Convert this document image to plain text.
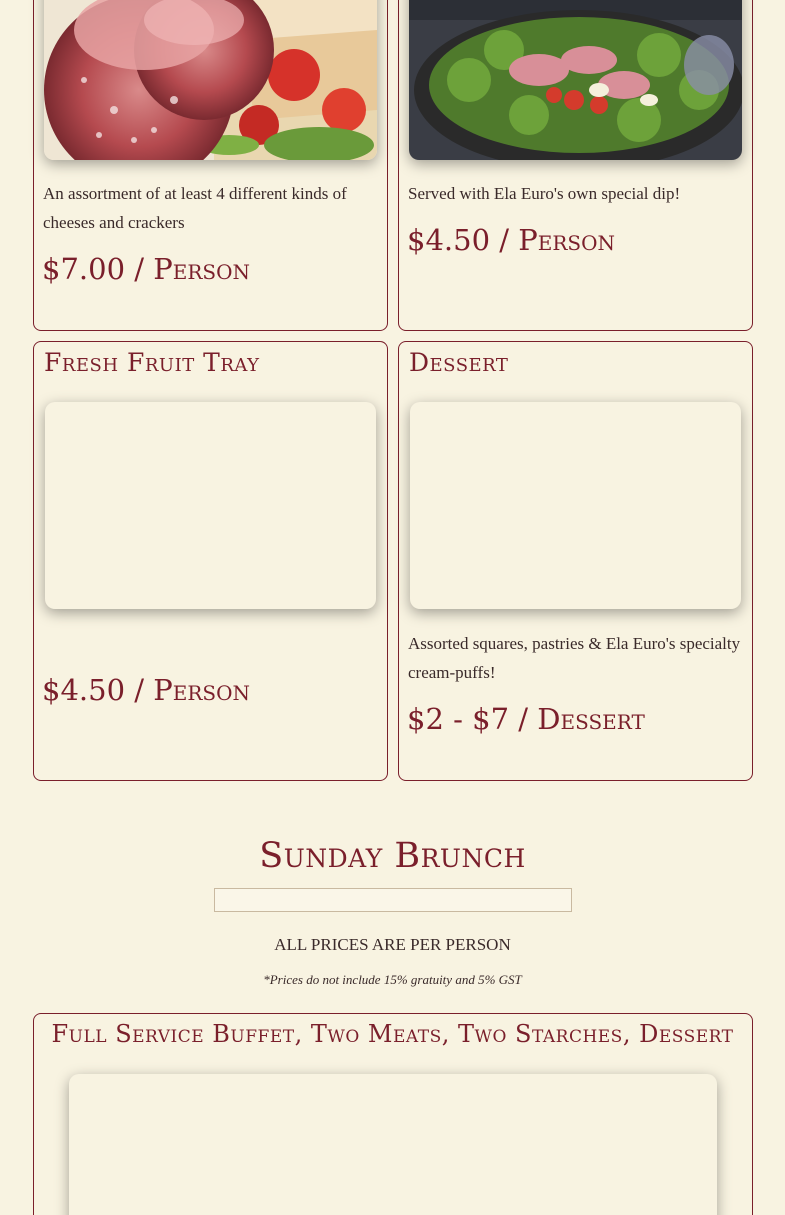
An assortment of at least 4 different kinds of cheeses and crackers
$7.00 / Person
Served with Ela Euro's own special dip!
$4.50 / Person
Fresh Fruit Tray
$4.50 / Person
Dessert
Assorted squares, pastries & Ela Euro's specialty cream-puffs!
$2 - $7 / Dessert
Sunday Brunch
ALL PRICES ARE PER PERSON
*Prices do not include 15% gratuity and 5% GST
Full Service Buffet, Two Meats, Two Starches, Dessert
